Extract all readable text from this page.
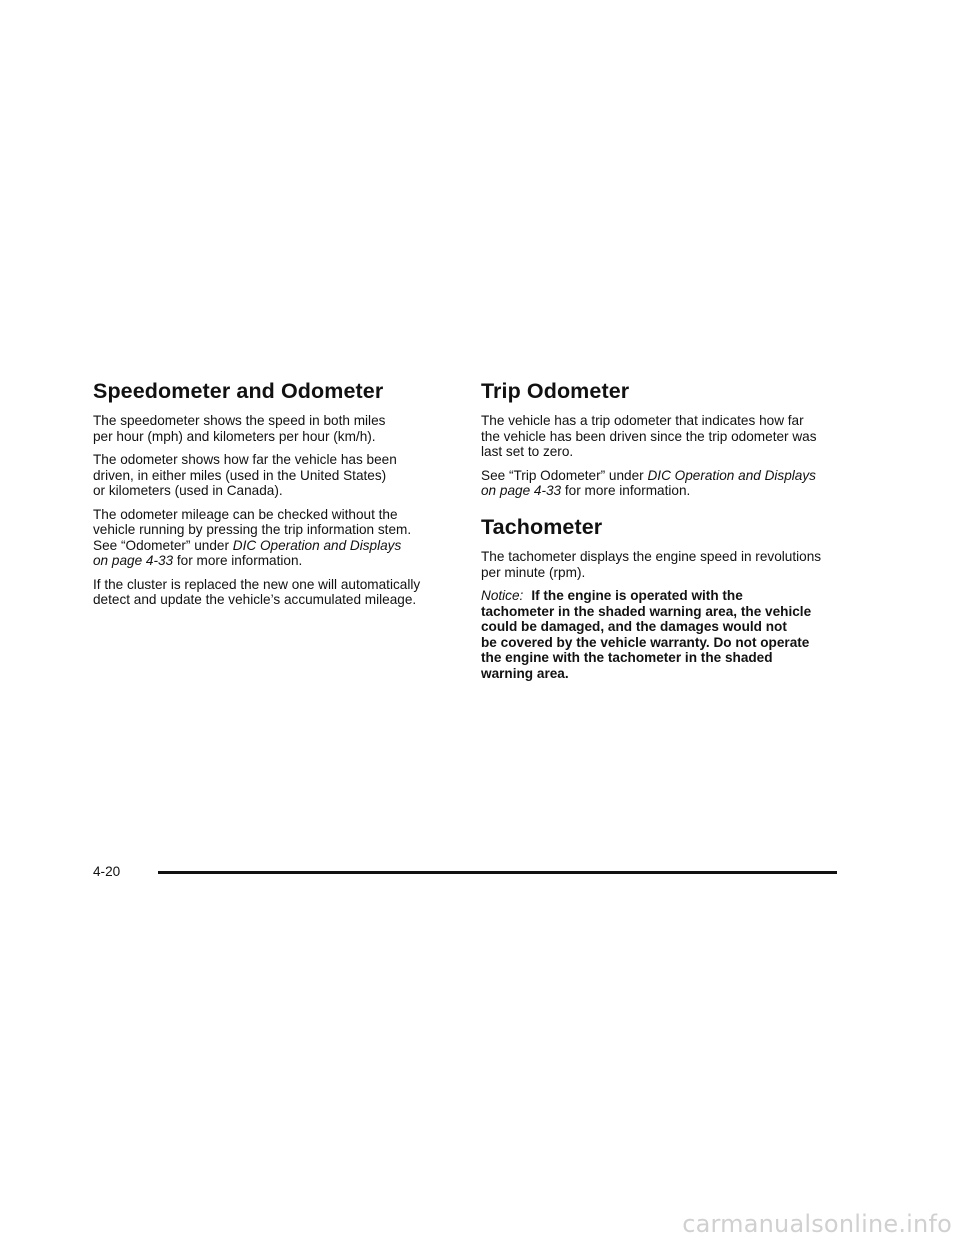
Speedometer and Odometer

The speedometer shows the speed in both miles
per hour (mph) and kilometers per hour (km/h).

The odometer shows how far the vehicle has been
driven, in either miles (used in the United States)
or kilometers (used in Canada).

The odometer mileage can be checked without the
vehicle running by pressing the trip information stem.
See “Odometer” under DIC Operation and Displays
on page 4-33 for more information.

If the cluster is replaced the new one will automatically
detect and update the vehicle’s accumulated mileage.

Trip Odometer

The vehicle has a trip odometer that indicates how far
the vehicle has been driven since the trip odometer was
last set to zero.

See “Trip Odometer” under DIC Operation and Displays
on page 4-33 for more information.

Tachometer

The tachometer displays the engine speed in revolutions
per minute (rpm).

Notice: If the engine is operated with the
tachometer in the shaded warning area, the vehicle
could be damaged, and the damages would not
be covered by the vehicle warranty. Do not operate
the engine with the tachometer in the shaded
warning area.

4-20
carmanualsonline.info
